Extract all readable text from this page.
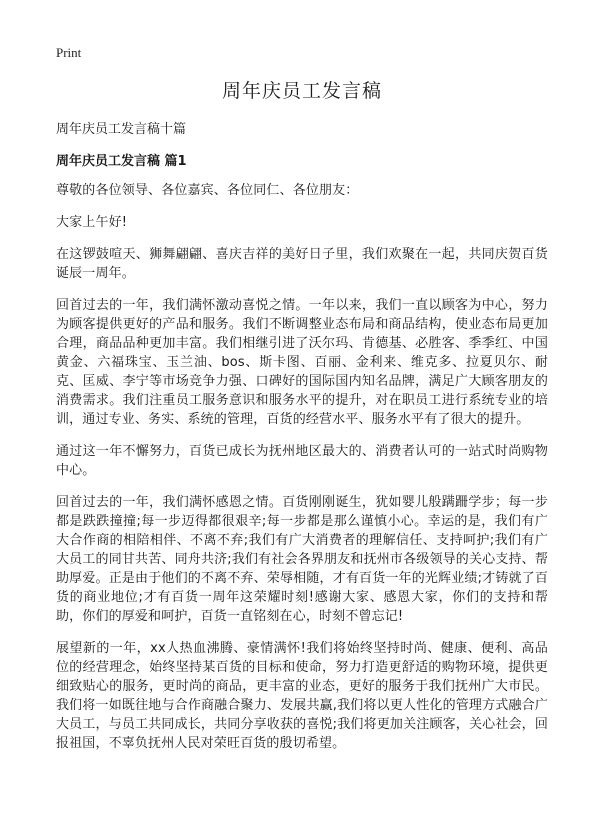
Print
周年庆员工发言稿

周年庆员工发言稿十篇

周年庆员工发言稿 篇1

尊敬的各位领导、各位嘉宾、各位同仁、各位朋友：

大家上午好!

在这锣鼓喧天、狮舞翩翩、喜庆吉祥的美好日子里，我们欢聚在一起，共同庆贺百货诞辰一周年。

回首过去的一年，我们满怀激动喜悦之情。一年以来，我们一直以顾客为中心，努力为顾客提供更好的产品和服务。我们不断调整业态布局和商品结构，使业态布局更加合理，商品品种更加丰富。我们相继引进了沃尔玛、肯德基、必胜客、季季红、中国黄金、六福珠宝、玉兰油、bos、斯卡图、百丽、金利来、维克多、拉夏贝尔、耐克、匡威、李宁等市场竞争力强、口碑好的国际国内知名品牌，满足广大顾客朋友的消费需求。我们注重员工服务意识和服务水平的提升，对在职员工进行系统专业的培训，通过专业、务实、系统的管理，百货的经营水平、服务水平有了很大的提升。

通过这一年不懈努力，百货已成长为抚州地区最大的、消费者认可的一站式时尚购物中心。

回首过去的一年，我们满怀感恩之情。百货刚刚诞生，犹如婴儿般蹒跚学步；每一步都是跌跌撞撞;每一步迈得都很艰辛;每一步都是那么谨慎小心。幸运的是，我们有广大合作商的相陪相伴、不离不弃;我们有广大消费者的理解信任、支持呵护;我们有广大员工的同甘共苦、同舟共济;我们有社会各界朋友和抚州市各级领导的关心支持、帮助厚爱。正是由于他们的不离不弃、荣辱相随，才有百货一年的光辉业绩;才铸就了百货的商业地位;才有百货一周年这荣耀时刻!感谢大家、感恩大家，你们的支持和帮助，你们的厚爱和呵护，百货一直铭刻在心，时刻不曾忘记!

展望新的一年，xx人热血沸腾、豪情满怀!我们将始终坚持时尚、健康、便利、高品位的经营理念，始终坚持某百货的目标和使命，努力打造更舒适的购物环境，提供更细致贴心的服务，更时尚的商品，更丰富的业态，更好的服务于我们抚州广大市民。我们将一如既往地与合作商融合聚力、发展共赢,我们将以更人性化的管理方式融合广大员工，与员工共同成长，共同分享收获的喜悦;我们将更加关注顾客，关心社会，回报祖国，不辜负抚州人民对荣旺百货的殷切希望。
